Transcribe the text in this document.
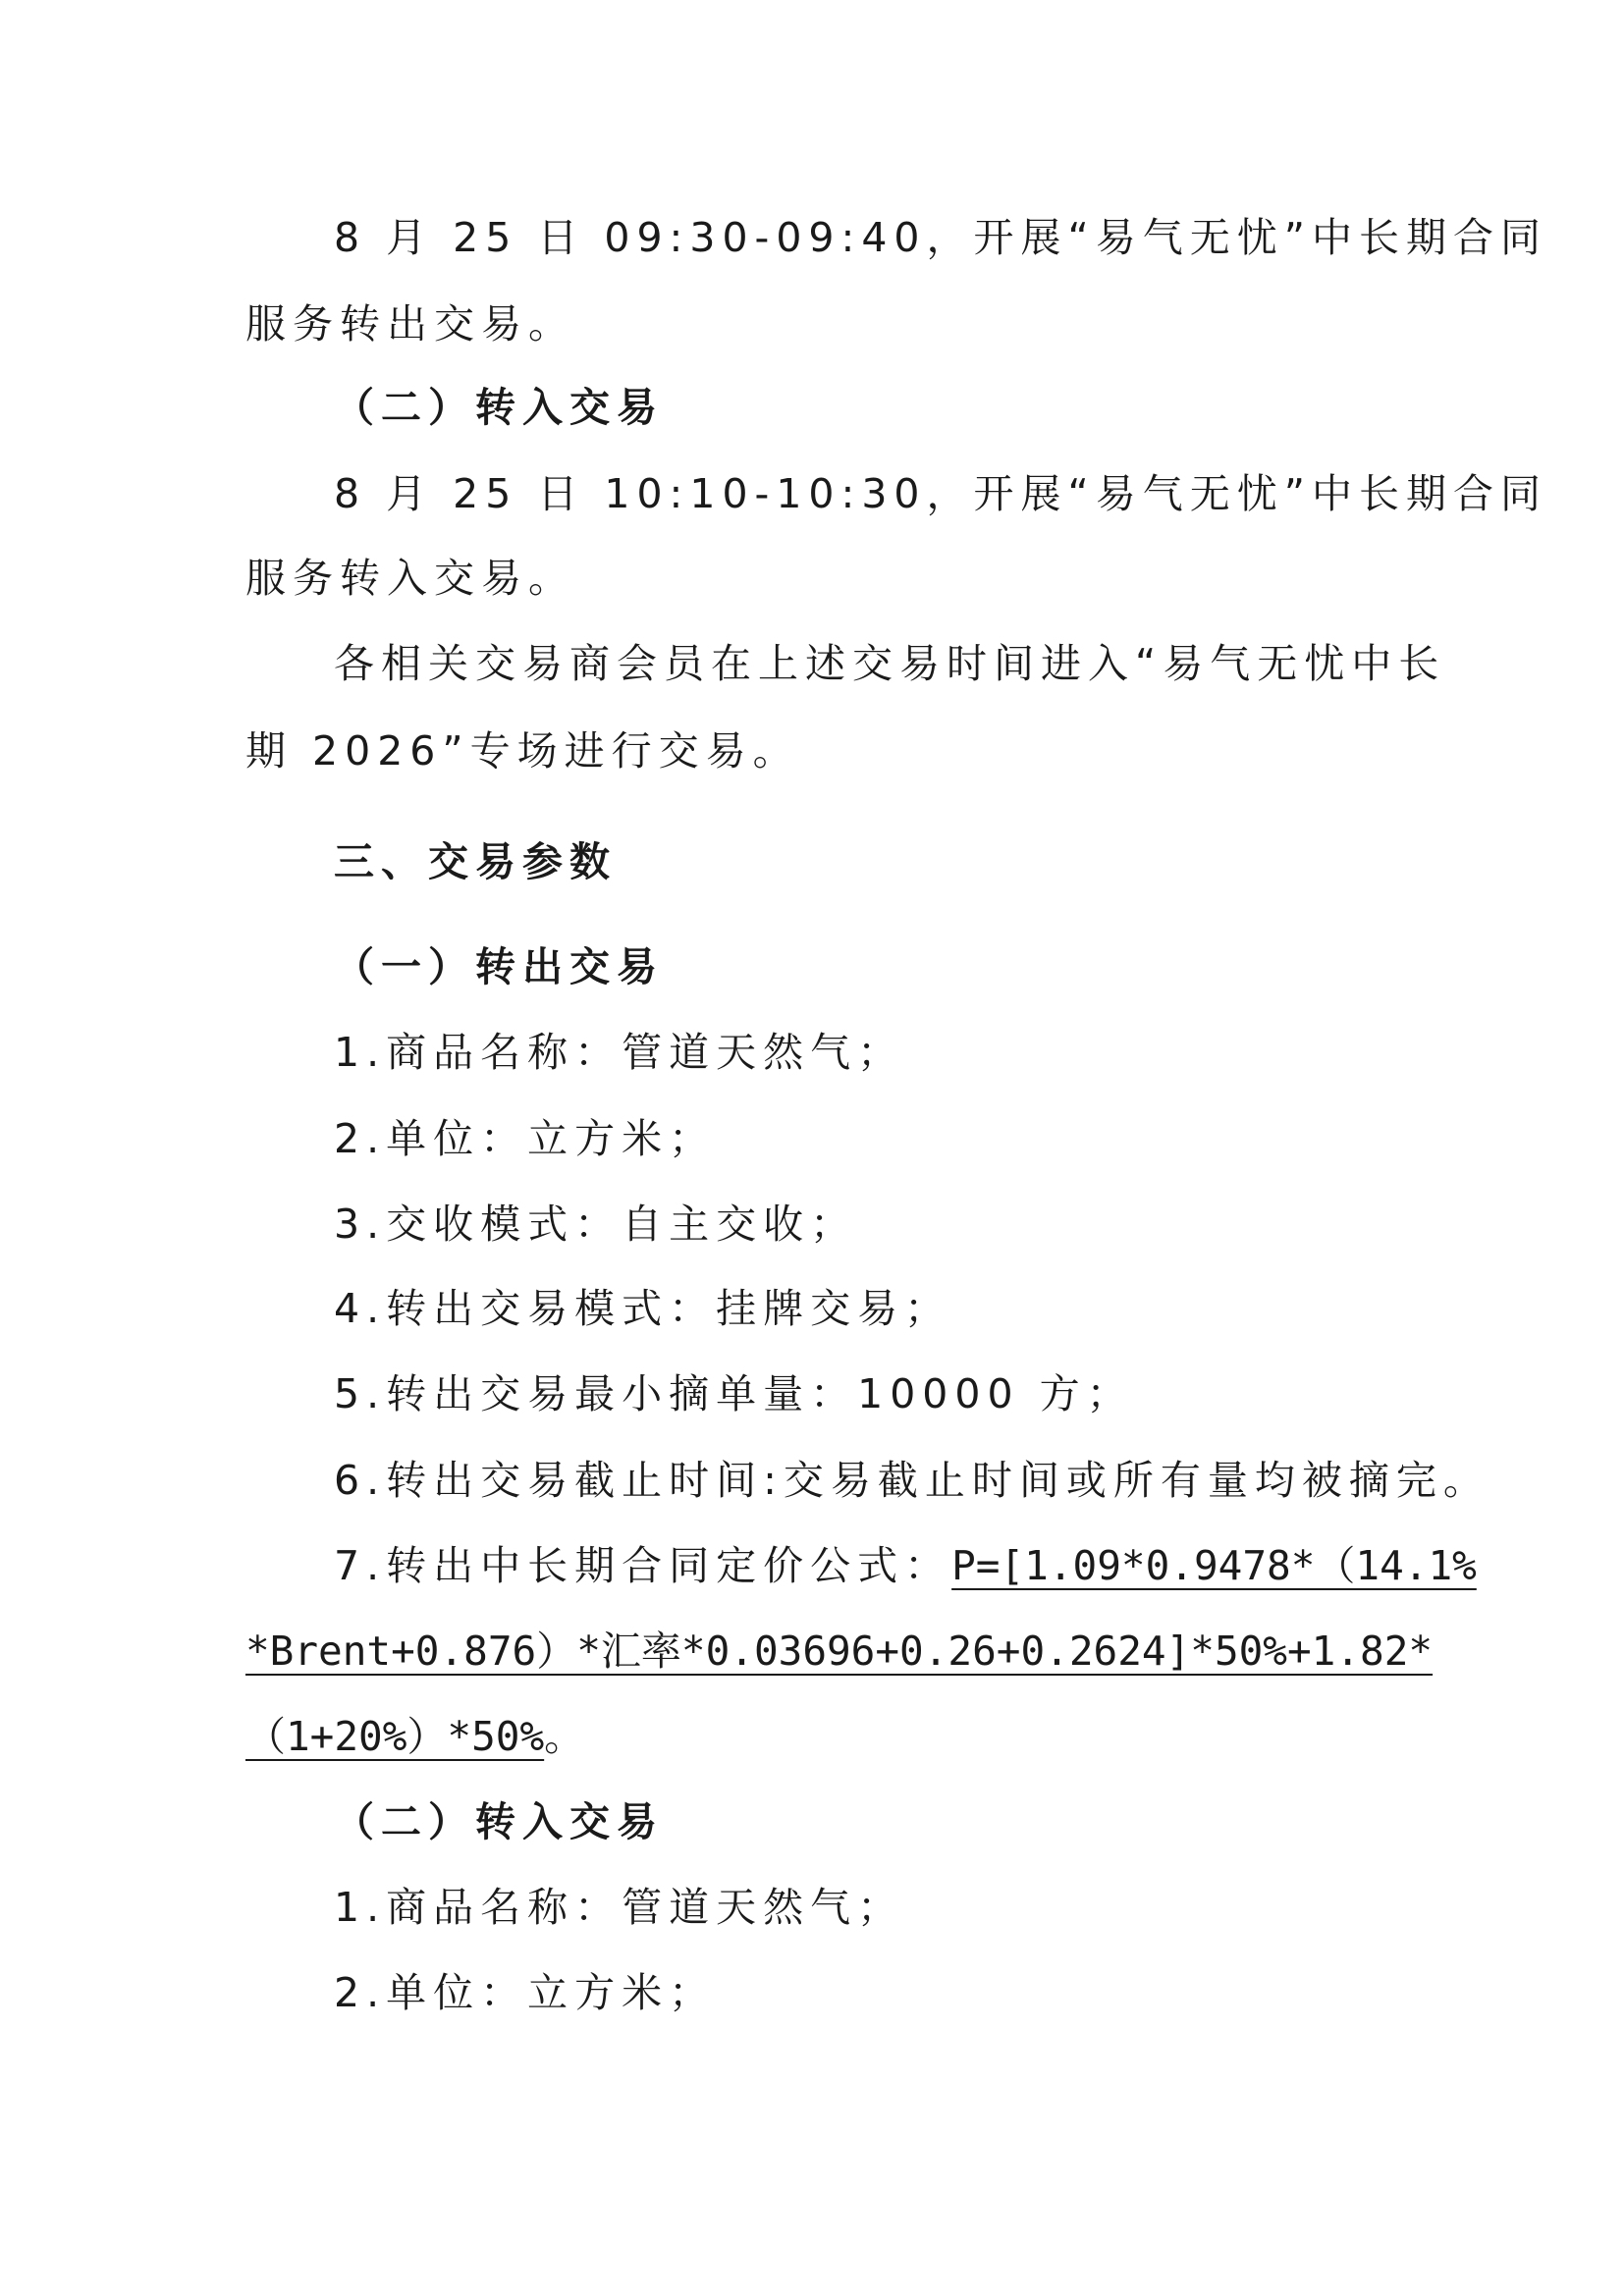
8 月 25 日 09:30-09:40，开展“易气无忧”中长期合同
服务转出交易。
（二）转入交易
8 月 25 日 10:10-10:30，开展“易气无忧”中长期合同
服务转入交易。
各相关交易商会员在上述交易时间进入“易气无忧中长
期 2026”专场进行交易。
三、交易参数
（一）转出交易
1.商品名称：管道天然气；
2.单位：立方米；
3.交收模式：自主交收；
4.转出交易模式：挂牌交易；
5.转出交易最小摘单量：10000 方；
6.转出交易截止时间:交易截止时间或所有量均被摘完。
7.转出中长期合同定价公式：P=[1.09*0.9478*（14.1%
*Brent+0.876）*汇率*0.03696+0.26+0.2624]*50%+1.82*
（1+20%）*50%。
（二）转入交易
1.商品名称：管道天然气；
2.单位：立方米；
